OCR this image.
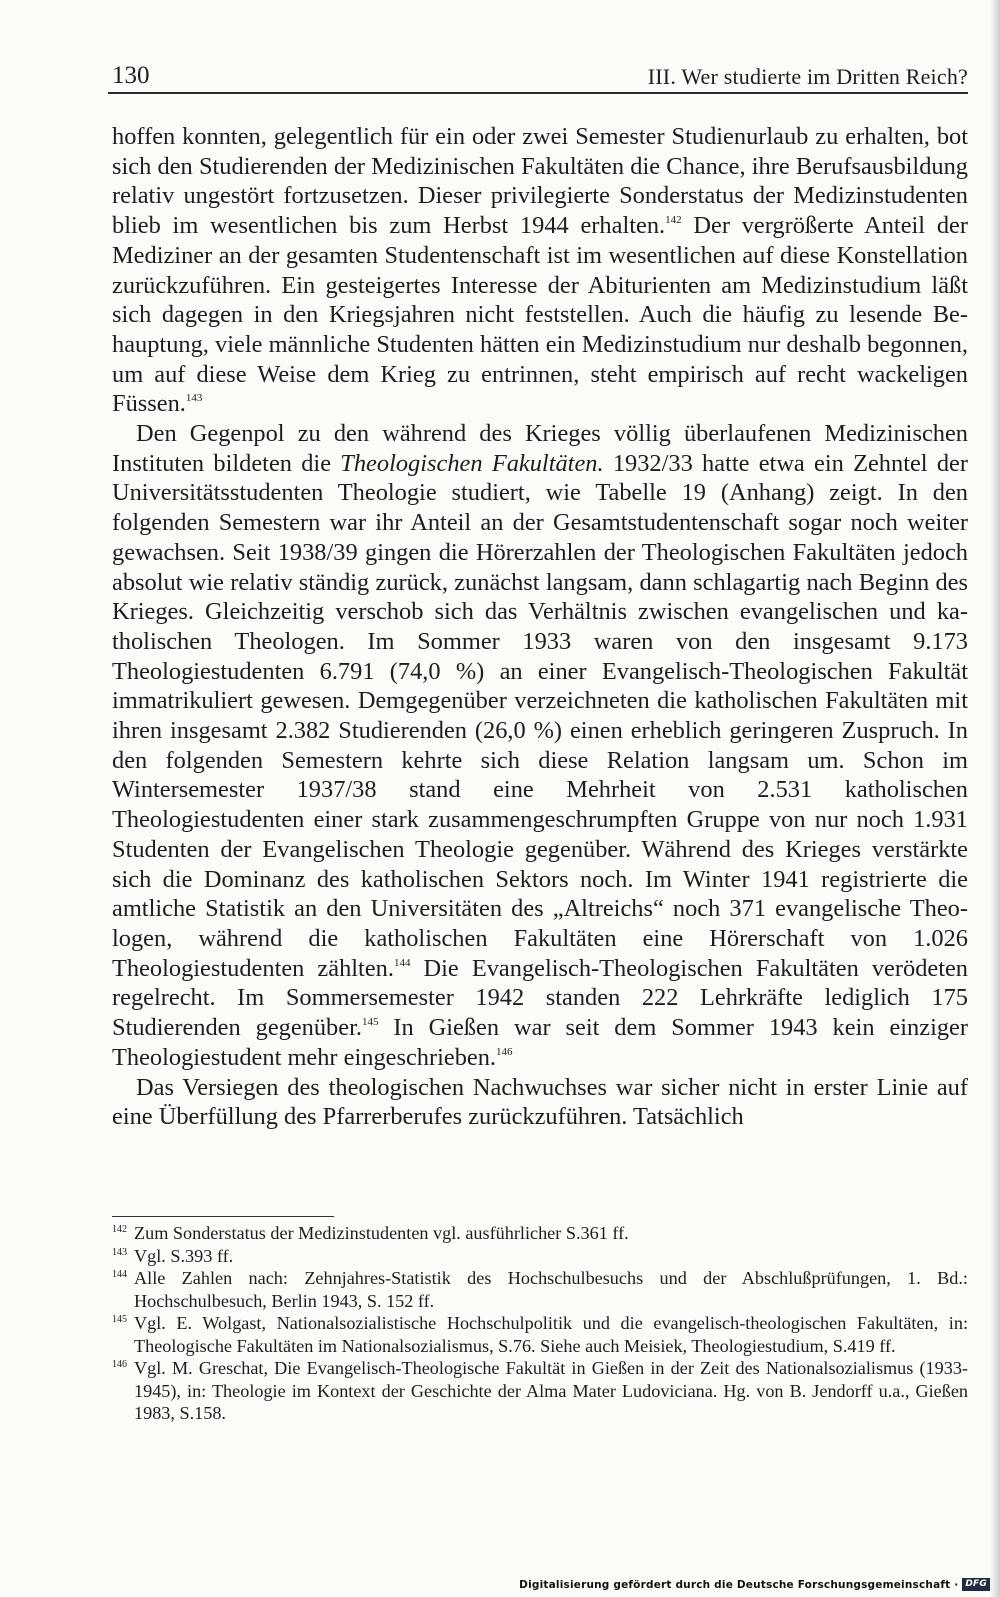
130	III. Wer studierte im Dritten Reich?

hoffen konnten, gelegentlich für ein oder zwei Semester Studienurlaub zu erhalten, bot sich den Studierenden der Medizinischen Fakultäten die Chance, ihre Berufsausbildung relativ ungestört fortzusetzen. Dieser privilegierte Sonderstatus der Medizinstudenten blieb im wesentlichen bis zum Herbst 1944 erhalten.$^{142}$ Der vergrößerte Anteil der Mediziner an der gesamten Studentenschaft ist im wesentlichen auf diese Konstellation zurückzuführen. Ein gesteigertes Interesse der Abiturienten am Medizinstudium läßt sich dagegen in den Kriegsjahren nicht feststellen. Auch die häufig zu lesende Behauptung, viele männliche Studenten hätten ein Medizinstudium nur deshalb begonnen, um auf diese Weise dem Krieg zu entrinnen, steht empirisch auf recht wackeligen Füssen.$^{143}$

Den Gegenpol zu den während des Krieges völlig überlaufenen Medizinischen Instituten bildeten die Theologischen Fakultäten. 1932/33 hatte etwa ein Zehntel der Universitätsstudenten Theologie studiert, wie Tabelle 19 (Anhang) zeigt. In den folgenden Semestern war ihr Anteil an der Gesamtstudentenschaft sogar noch weiter gewachsen. Seit 1938/39 gingen die Hörerzahlen der Theologischen Fakultäten jedoch absolut wie relativ ständig zurück, zunächst langsam, dann schlagartig nach Beginn des Krieges. Gleichzeitig verschob sich das Verhältnis zwischen evangelischen und katholischen Theologen. Im Sommer 1933 waren von den insgesamt 9.173 Theologiestudenten 6.791 (74,0 %) an einer Evangelisch-Theologischen Fakultät immatrikuliert gewesen. Demgegenüber verzeichneten die katholischen Fakultäten mit ihren insgesamt 2.382 Studierenden (26,0 %) einen erheblich geringeren Zuspruch. In den folgenden Semestern kehrte sich diese Relation langsam um. Schon im Wintersemester 1937/38 stand eine Mehrheit von 2.531 katholischen Theologiestudenten einer stark zusammengeschrumpften Gruppe von nur noch 1.931 Studenten der Evangelischen Theologie gegenüber. Während des Krieges verstärkte sich die Dominanz des katholischen Sektors noch. Im Winter 1941 registrierte die amtliche Statistik an den Universitäten des „Altreichs“ noch 371 evangelische Theologen, während die katholischen Fakultäten eine Hörerschaft von 1.026 Theologiestudenten zählten.$^{144}$ Die Evangelisch-Theologischen Fakultäten verödeten regelrecht. Im Sommersemester 1942 standen 222 Lehrkräfte lediglich 175 Studierenden gegenüber.$^{145}$ In Gießen war seit dem Sommer 1943 kein einziger Theologiestudent mehr eingeschrieben.$^{146}$

Das Versiegen des theologischen Nachwuchses war sicher nicht in erster Linie auf eine Überfüllung des Pfarrerberufes zurückzuführen. Tatsächlich

142 Zum Sonderstatus der Medizinstudenten vgl. ausführlicher S.361 ff.
143 Vgl. S.393 ff.
144 Alle Zahlen nach: Zehnjahres-Statistik des Hochschulbesuchs und der Abschlußprüfungen, 1. Bd.: Hochschulbesuch, Berlin 1943, S. 152 ff.
145 Vgl. E. Wolgast, Nationalsozialistische Hochschulpolitik und die evangelisch-theologischen Fakultäten, in: Theologische Fakultäten im Nationalsozialismus, S.76. Siehe auch Meisiek, Theologiestudium, S.419 ff.
146 Vgl. M. Greschat, Die Evangelisch-Theologische Fakultät in Gießen in der Zeit des Nationalsozialismus (1933-1945), in: Theologie im Kontext der Geschichte der Alma Mater Ludoviciana. Hg. von B. Jendorff u.a., Gießen 1983, S.158.
Digitalisierung gefördert durch die Deutsche Forschungsgemeinschaft · DFG
